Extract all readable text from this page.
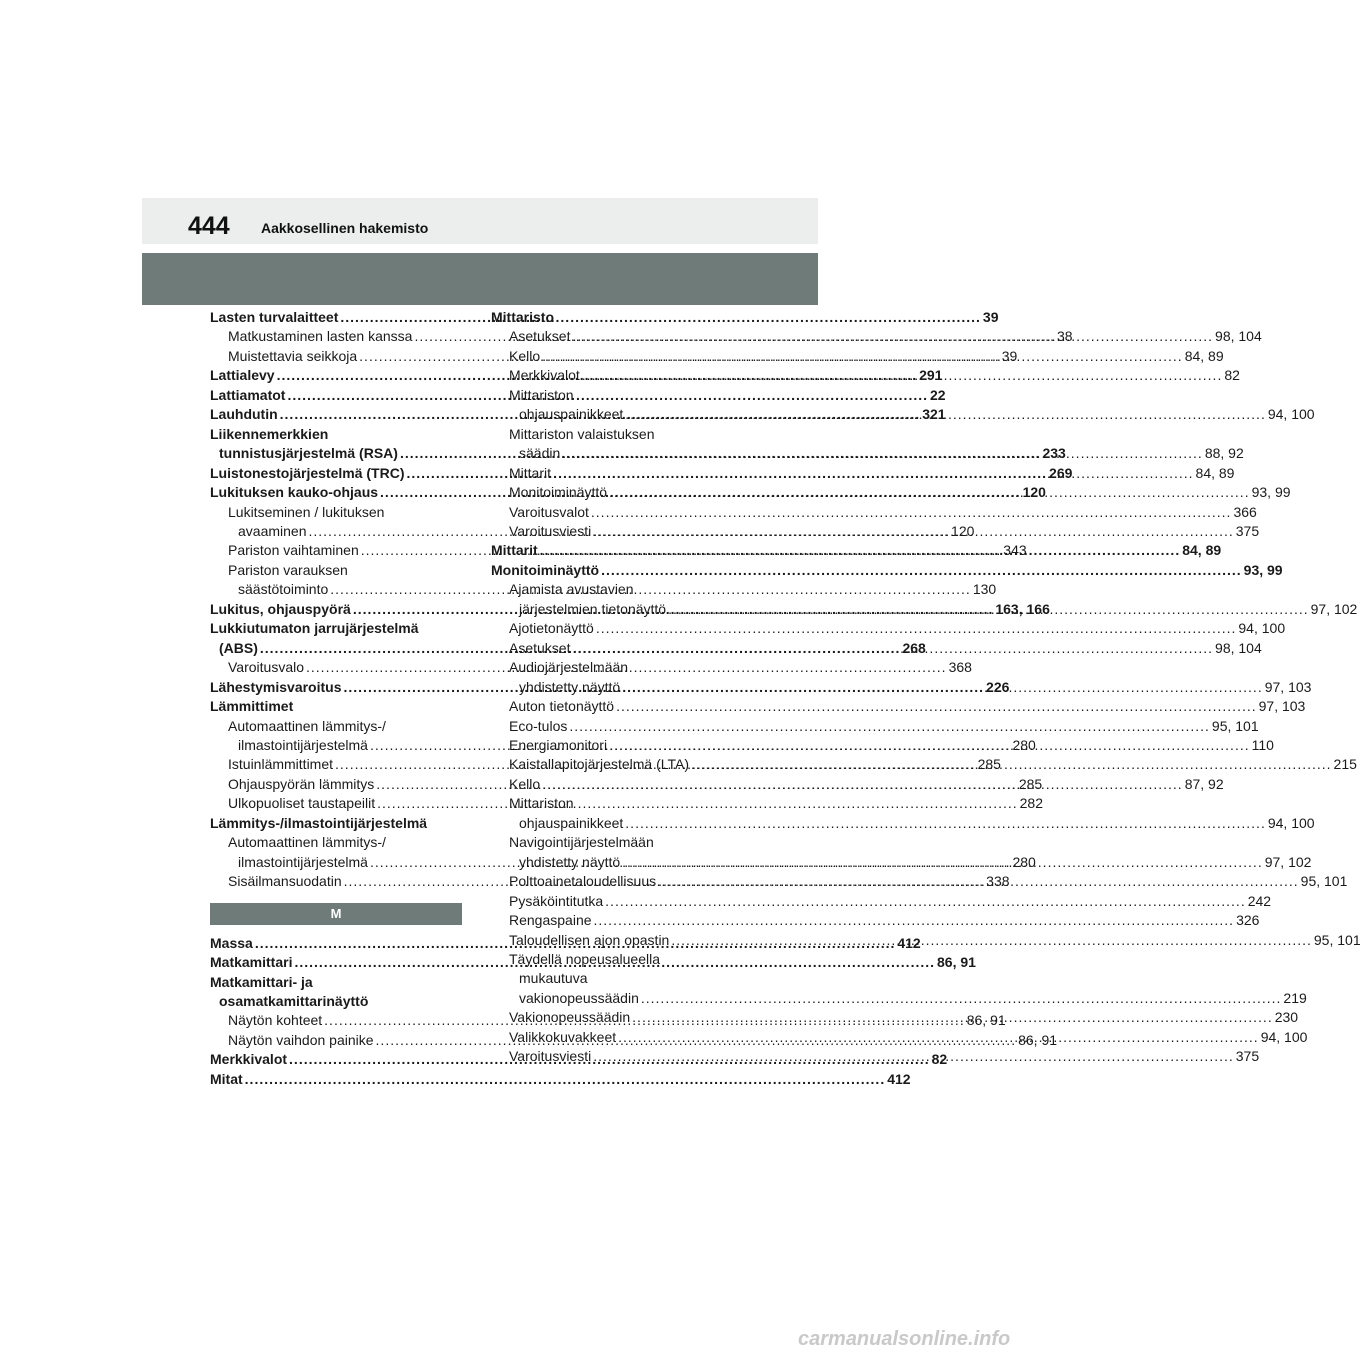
444 Aakkosellinen hakemisto
Lasten turvalaitteet .....	39
Matkustaminen lasten kanssa .....	38
Muistettavia seikkoja .....	39
Lattialevy .....	291
Lattiamatot .....	22
Lauhdutin .....	321
Liikennemerkkien
tunnistusjärjestelmä (RSA) .....	233
Luistonestojärjestelmä (TRC) .....	269
Lukituksen kauko-ohjaus .....	120
Lukitseminen / lukituksen
avaaminen .....	120
Pariston vaihtaminen .....	343
Pariston varauksen
säästötoiminto .....	130
Lukitus, ohjauspyörä .....	163, 166
Lukkiutumaton jarrujärjestelmä
(ABS) .....	268
Varoitusvalo .....	368
Lähestymisvaroitus .....	226
Lämmittimet
Automaattinen lämmitys-/
ilmastointijärjestelmä .....	280
Istuinlämmittimet .....	285
Ohjauspyörän lämmitys .....	285
Ulkopuoliset taustapeilit .....	282
Lämmitys-/ilmastointijärjestelmä
Automaattinen lämmitys-/
ilmastointijärjestelmä .....	280
Sisäilmansuodatin .....	338
M
Massa .....	412
Matkamittari .....	86, 91
Matkamittari- ja
osamatkamittarinäyttö
Näytön kohteet .....	86, 91
Näytön vaihdon painike .....	86, 91
Merkkivalot .....	82
Mitat .....	412
Mittaristo
Asetukset .....	98, 104
Kello .....	84, 89
Merkkivalot .....	82
Mittariston
ohjauspainikkeet .....	94, 100
Mittariston valaistuksen
säädin .....	88, 92
Mittarit .....	84, 89
Monitoiminäyttö .....	93, 99
Varoitusvalot .....	366
Varoitusviesti .....	375
Mittarit .....	84, 89
Monitoiminäyttö .....	93, 99
Ajamista avustavien
järjestelmien tietonäyttö .....	97, 102
Ajotietonäyttö .....	94, 100
Asetukset .....	98, 104
Audiojärjestelmään
yhdistetty näyttö .....	97, 103
Auton tietonäyttö .....	97, 103
Eco-tulos .....	95, 101
Energiamonitori .....	110
Kaistallapitojärjestelmä (LTA) .....	215
Kello .....	87, 92
Mittariston
ohjauspainikkeet .....	94, 100
Navigointijärjestelmään
yhdistetty näyttö .....	97, 102
Polttoainetaloudellisuus .....	95, 101
Pysäköintitutka .....	242
Rengaspaine .....	326
Taloudellisen ajon opastin .....	95, 101
Täydellä nopeusalueella
mukautuva
vakionopeussäädin .....	219
Vakionopeussäädin .....	230
Valikkokuvakkeet .....	94, 100
Varoitusviesti .....	375
carmanualsonline.info
